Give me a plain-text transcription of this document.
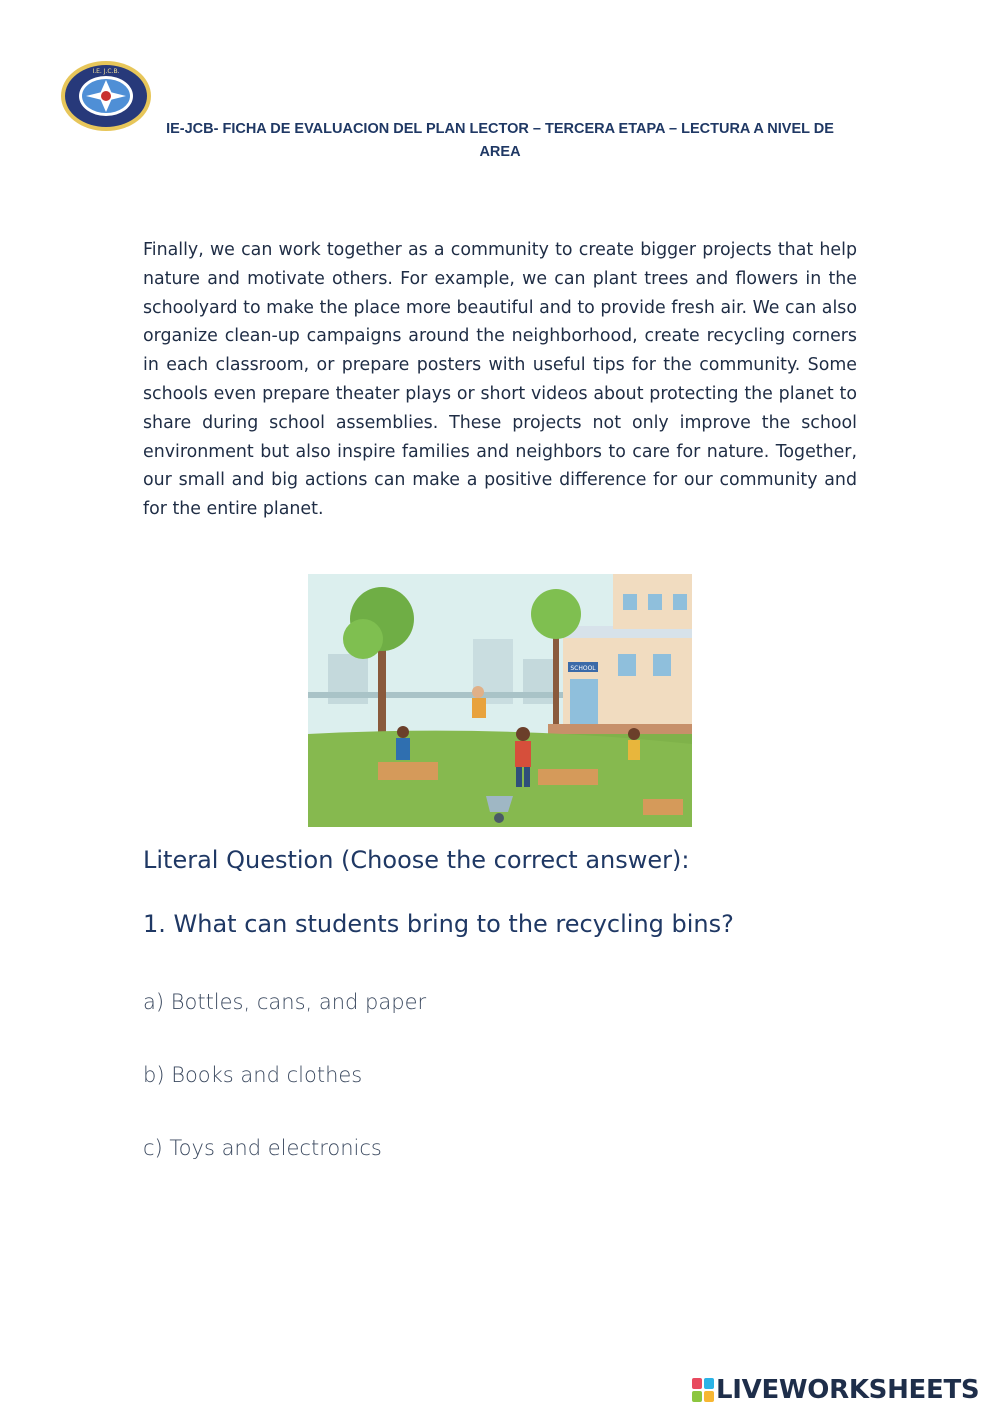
I.E. J.C.B.
IE-JCB- FICHA DE EVALUACION DEL PLAN LECTOR – TERCERA ETAPA – LECTURA A NIVEL DE AREA

Finally, we can work together as a community to create bigger projects that help nature and motivate others. For example, we can plant trees and flowers in the schoolyard to make the place more beautiful and to provide fresh air. We can also organize clean-up campaigns around the neighborhood, create recycling corners in each classroom, or prepare posters with useful tips for the community. Some schools even prepare theater plays or short videos about protecting the planet to share during school assemblies. These projects not only improve the school environment but also inspire families and neighbors to care for nature. Together, our small and big actions can make a positive difference for our community and for the entire planet.

SCHOOL
Literal Question (Choose the correct answer):
1. What can students bring to the recycling bins?

a) Bottles, cans, and paper

b) Books and clothes

c) Toys and electronics

LIVEWORKSHEETS
